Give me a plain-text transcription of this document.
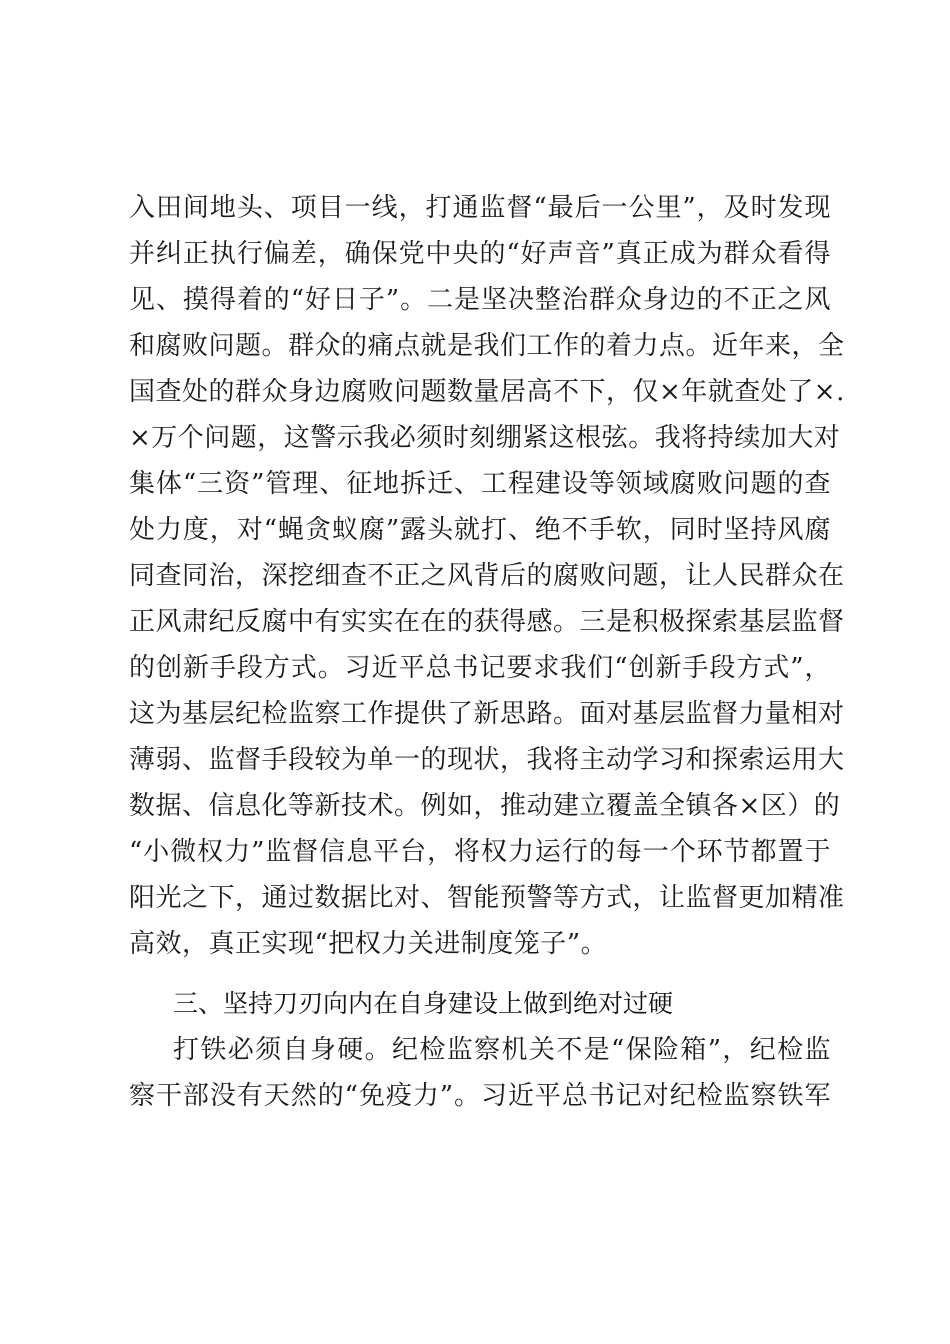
入田间地头、项目一线，打通监督“最后一公里”，及时发现
并纠正执行偏差，确保党中央的“好声音”真正成为群众看得
见、摸得着的“好日子”。二是坚决整治群众身边的不正之风
和腐败问题。群众的痛点就是我们工作的着力点。近年来，全
国查处的群众身边腐败问题数量居高不下，仅×年就查处了×.
×万个问题，这警示我必须时刻绷紧这根弦。我将持续加大对
集体“三资”管理、征地拆迁、工程建设等领域腐败问题的查
处力度，对“蝇贪蚁腐”露头就打、绝不手软，同时坚持风腐
同查同治，深挖细查不正之风背后的腐败问题，让人民群众在
正风肃纪反腐中有实实在在的获得感。三是积极探索基层监督
的创新手段方式。习近平总书记要求我们“创新手段方式”，
这为基层纪检监察工作提供了新思路。面对基层监督力量相对
薄弱、监督手段较为单一的现状，我将主动学习和探索运用大
数据、信息化等新技术。例如，推动建立覆盖全镇各×区）的
“小微权力”监督信息平台，将权力运行的每一个环节都置于
阳光之下，通过数据比对、智能预警等方式，让监督更加精准
高效，真正实现“把权力关进制度笼子”。
三、坚持刀刃向内在自身建设上做到绝对过硬
打铁必须自身硬。纪检监察机关不是“保险箱”，纪检监
察干部没有天然的“免疫力”。习近平总书记对纪检监察铁军
